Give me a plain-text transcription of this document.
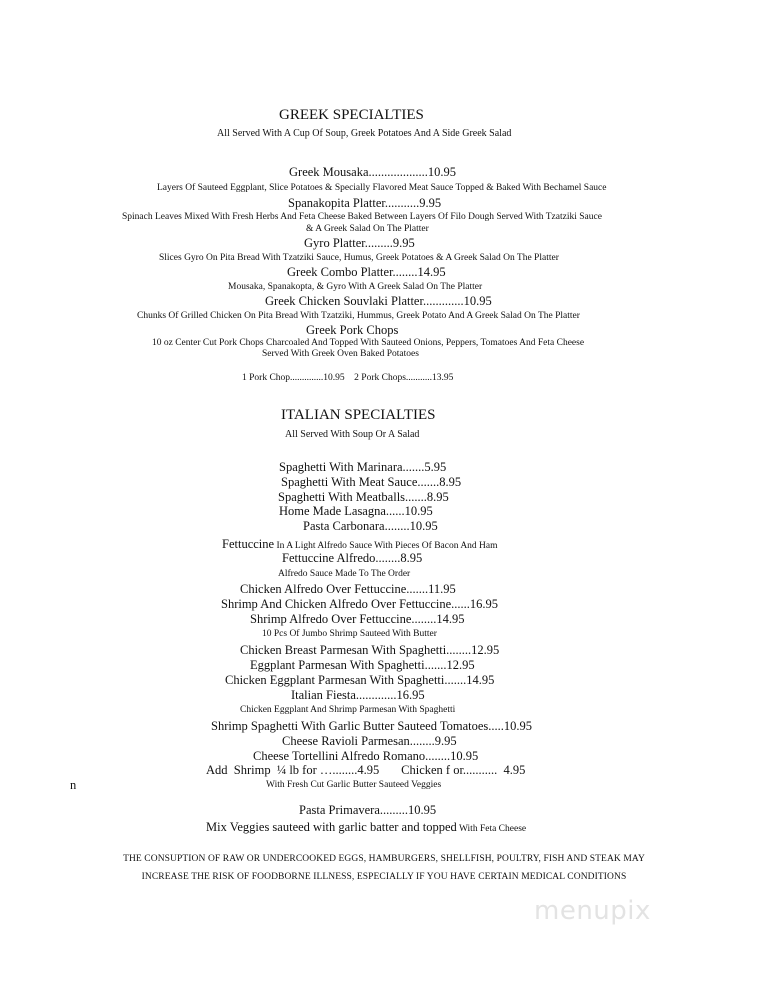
GREEK SPECIALTIES
All Served With A Cup Of Soup, Greek Potatoes And A Side Greek Salad
Greek Mousaka...................10.95
Layers Of Sauteed Eggplant, Slice Potatoes & Specially Flavored Meat Sauce Topped & Baked With Bechamel Sauce
Spanakopita Platter...........9.95
Spinach Leaves Mixed With Fresh Herbs And Feta Cheese Baked Between Layers Of Filo Dough Served With Tzatziki Sauce
& A Greek Salad On The Platter
Gyro Platter.........9.95
Slices Gyro On Pita Bread With Tzatziki Sauce, Humus, Greek Potatoes & A Greek Salad On The Platter
Greek Combo Platter........14.95
Mousaka, Spanakopta, & Gyro With A Greek Salad On The Platter
Greek Chicken Souvlaki Platter.............10.95
Chunks Of Grilled Chicken On Pita Bread With Tzatziki, Hummus, Greek Potato And A Greek Salad On The Platter
Greek Pork Chops
10 oz Center Cut Pork Chops Charcoaled And Topped With Sauteed Onions, Peppers, Tomatoes And Feta Cheese
Served With Greek Oven Baked Potatoes
1 Pork Chop..............10.95    2 Pork Chops...........13.95
ITALIAN SPECIALTIES
All Served With Soup Or A Salad
Spaghetti With Marinara.......5.95
Spaghetti With Meat Sauce.......8.95
Spaghetti With Meatballs.......8.95
Home Made Lasagna......10.95
Pasta Carbonara........10.95
Fettuccine In A Light Alfredo Sauce With Pieces Of Bacon And Ham
Fettuccine Alfredo........8.95
Alfredo Sauce Made To The Order
Chicken Alfredo Over Fettuccine.......11.95
Shrimp And Chicken Alfredo Over Fettuccine......16.95
Shrimp Alfredo Over Fettuccine........14.95
10 Pcs Of Jumbo Shrimp Sauteed With Butter
Chicken Breast Parmesan With Spaghetti........12.95
Eggplant Parmesan With Spaghetti.......12.95
Chicken Eggplant Parmesan With Spaghetti.......14.95
Italian Fiesta.............16.95
Chicken Eggplant And Shrimp Parmesan With Spaghetti
Shrimp Spaghetti With Garlic Butter Sauteed Tomatoes.....10.95
Cheese Ravioli Parmesan........9.95
Cheese Tortellini Alfredo Romano........10.95
Add  Shrimp  ¼ lb for …........4.95       Chicken f or...........  4.95
n	With Fresh Cut Garlic Butter Sauteed Veggies
Pasta Primavera.........10.95
Mix Veggies sauteed with garlic batter and topped With Feta Cheese
THE CONSUPTION OF RAW OR UNDERCOOKED EGGS, HAMBURGERS, SHELLFISH, POULTRY, FISH AND STEAK MAY
INCREASE THE RISK OF FOODBORNE ILLNESS, ESPECIALLY IF YOU HAVE CERTAIN MEDICAL CONDITIONS
menupix
